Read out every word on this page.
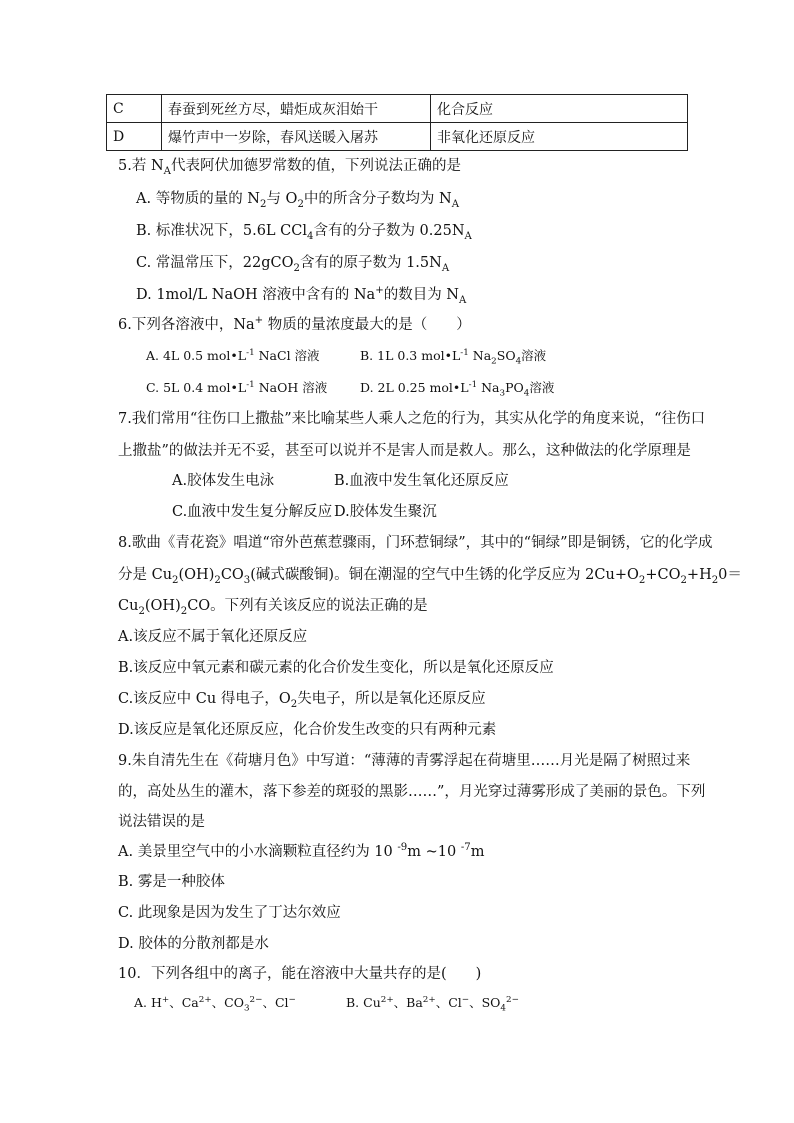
C	春蚕到死丝方尽，蜡炬成灰泪始干	化合反应
D	爆竹声中一岁除，春风送暖入屠苏	非氧化还原反应
5.若 $N_A$代表阿伏加德罗常数的值，下列说法正确的是
A. 等物质的量的 $N_2$与 $O_2$中的所含分子数均为 $N_A$
B. 标准状况下，5.6L CCl$_4$含有的分子数为 $0.25N_A$
C. 常温常压下，22gCO$_2$含有的原子数为 $1.5N_A$
D. 1mol/L NaOH 溶液中含有的 Na+的数目为 $N_A$
6.下列各溶液中，Na+ 物质的量浓度最大的是（　　）
A. 4L 0.5 $mol•L^{-1}$ NaCl 溶液	B. 1L 0.3 $mol•L^{-1}$ $Na_2SO_4$溶液
C. 5L 0.4 $mol•L^{-1}$ NaOH 溶液	D. 2L 0.25 $mol•L^{-1}$ $Na_3PO_4$溶液
7.我们常用“往伤口上撒盐”来比喻某些人乘人之危的行为，其实从化学的角度来说，“往伤口
上撒盐”的做法并无不妥，甚至可以说并不是害人而是救人。那么，这种做法的化学原理是
A.胶体发生电泳	B.血液中发生氧化还原反应
C.血液中发生复分解反应 D.胶体发生聚沉
8.歌曲《青花瓷》唱道“帘外芭蕉惹骤雨，门环惹铜绿”，其中的“铜绿”即是铜锈，它的化学成
分是 $Cu_2(OH)_2CO_3$(碱式碳酸铜)。铜在潮湿的空气中生锈的化学反应为 $2Cu+O_2+CO_2+H_20=$
$Cu_2(OH)_2CO$。下列有关该反应的说法正确的是
A.该反应不属于氧化还原反应
B.该反应中氧元素和碳元素的化合价发生变化，所以是氧化还原反应
C.该反应中 Cu 得电子，$O_2$失电子，所以是氧化还原反应
D.该反应是氧化还原反应，化合价发生改变的只有两种元素
9.朱自清先生在《荷塘月色》中写道：“薄薄的青雾浮起在荷塘里……月光是隔了树照过来
的，高处丛生的灌木，落下参差的斑驳的黑影……”，月光穿过薄雾形成了美丽的景色。下列
说法错误的是
A. 美景里空气中的小水滴颗粒直径约为 10 $^{-9}$m ~10 $^{-7}$m
B. 雾是一种胶体
C. 此现象是因为发生了丁达尔效应
D. 胶体的分散剂都是水
10．下列各组中的离子，能在溶液中大量共存的是(　　)
A. H+、$Ca^{2+}$、$CO_3^{2-}$、Cl−	B. $Cu^{2+}$、$Ba^{2+}$、Cl−、$SO_4^{2-}$
